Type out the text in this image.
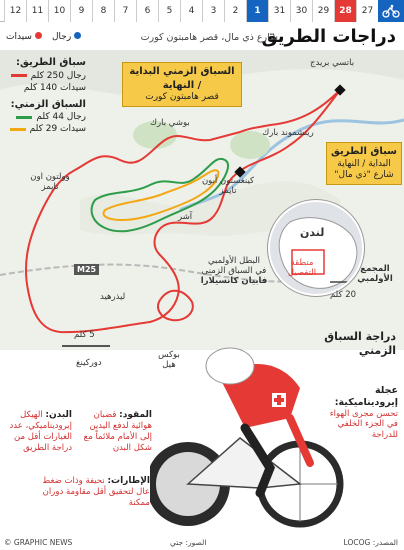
27
28
29
30
31
1
2
3
4
5
6
7
8
9
10
11
12
دراجات الطريق
شارع ذي مال، قصر هامبتون كورت
رجال
سيدات
سباق الطريق:
رجال 250 كلم
سيدات 140 كلم
السباق الزمني:
رجال 44 كلم
سيدات 29 كلم
السباق الزمني البداية / النهاية
قصر هامبتون كورت
سباق الطريق
البداية / النهاية
شارع "ذي مال"
باتسي بريدج
بوشي بارك
ريتشموند بارك
كينغستون أبون تايمز
وولتون اون تايمز
آشر
ليذرهيد
دوركينغ
بوكس هيل
M25
5 كلم
البطل الأولمبي
في السباق الزمني
فابيان كانسيلارا
لندن
منطقة التفصيل	المجمع الأولمبي
20 كلم
دراجة السباق
الزمني
عجلة إيروديناميكية: تحسن مجرى الهواء في الجزء الخلفي للدراجة
البدن: الهيكل إيروديناميكي، عدد الغيارات أقل من دراجة الطريق
المقود: قضبان هوائية لدفع اليدين إلى الأمام ملائماً مع شكل البدن
الإطارات: نحيفة وذات ضغط عال لتحقيق أقل مقاومة دوران ممكنة
© GRAPHIC NEWS	الصور: جتي	المصدر: LOCOG
